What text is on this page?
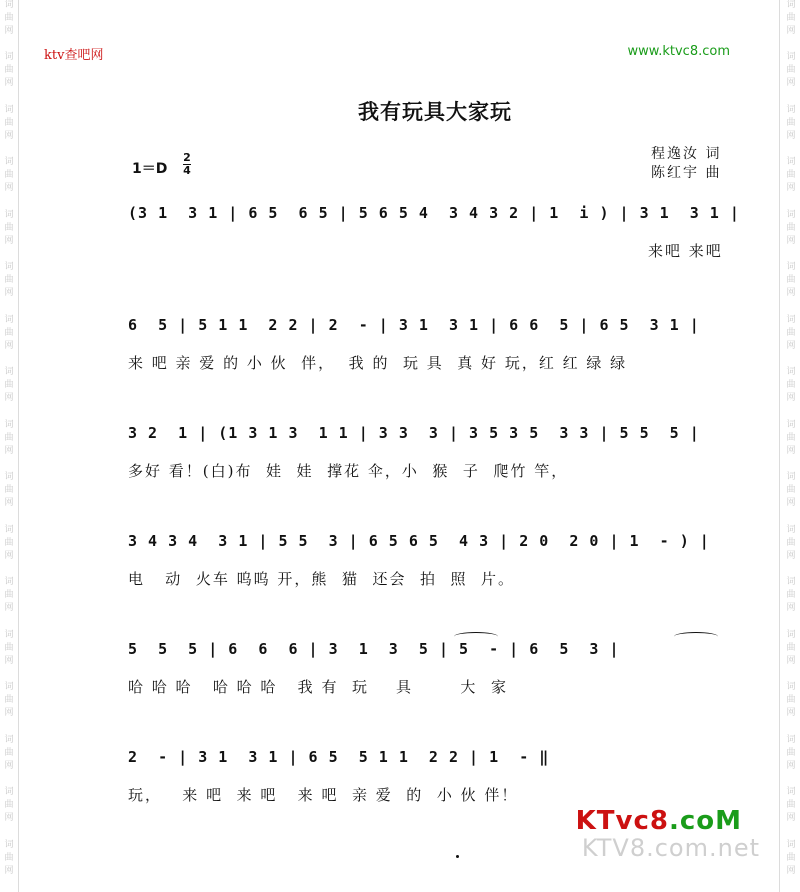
词
曲
网
词
曲
网
词
曲
网
词
曲
网
词
曲
网
词
曲
网
词
曲
网
词
曲
网
词
曲
网
词
曲
网
词
曲
网
词
曲
网
词
曲
网
词
曲
网
词
曲
网
词
曲
网
词
曲
网
词
曲
网
词
曲
网
词
曲
网
词
曲
网
词
曲
网
词
曲
网
词
曲
网
词
曲
网
词
曲
网
词
曲
网
词
曲
网
词
曲
网
词
曲
网
词
曲
网
词
曲
网
词
曲
网
词
曲
网
ktv查吧网	www.ktvc8.com
我有玩具大家玩
1＝D
2
4
程逸汝 词
陈红宇 曲
(3 1  3 1 | 6 5  6 5 | 5 6 5 4  3 4 3 2 | 1  i ) | 3 1  3 1 |
来吧 来吧
6  5 | 5 1 1  2 2 | 2  - | 3 1  3 1 | 6 6  5 | 6 5  3 1 |
来 吧 亲 爱 的 小 伙  伴，  我 的  玩 具  真 好 玩，红 红 绿 绿
3 2  1 | (1 3 1 3  1 1 | 3 3  3 | 3 5 3 5  3 3 | 5 5  5 |
多好 看！(白)布  娃  娃  撑花 伞，小  猴  子  爬竹 竿，
3 4 3 4  3 1 | 5 5  3 | 6 5 6 5  4 3 | 2 0  2 0 | 1  - ) |
电   动  火车 呜呜 开，熊  猫  还会  拍  照  片。
5  5  5 | 6  6  6 | 3  1  3  5 | 5  - | 6  5  3 |
哈 哈 哈   哈 哈 哈   我 有  玩    具       大  家
2  - | 3 1  3 1 | 6 5  5 1 1  2 2 | 1  - ‖
玩，   来 吧  来 吧   来 吧  亲 爱  的  小 伙 伴！
KTvc8.coM
KTV8.com.net
